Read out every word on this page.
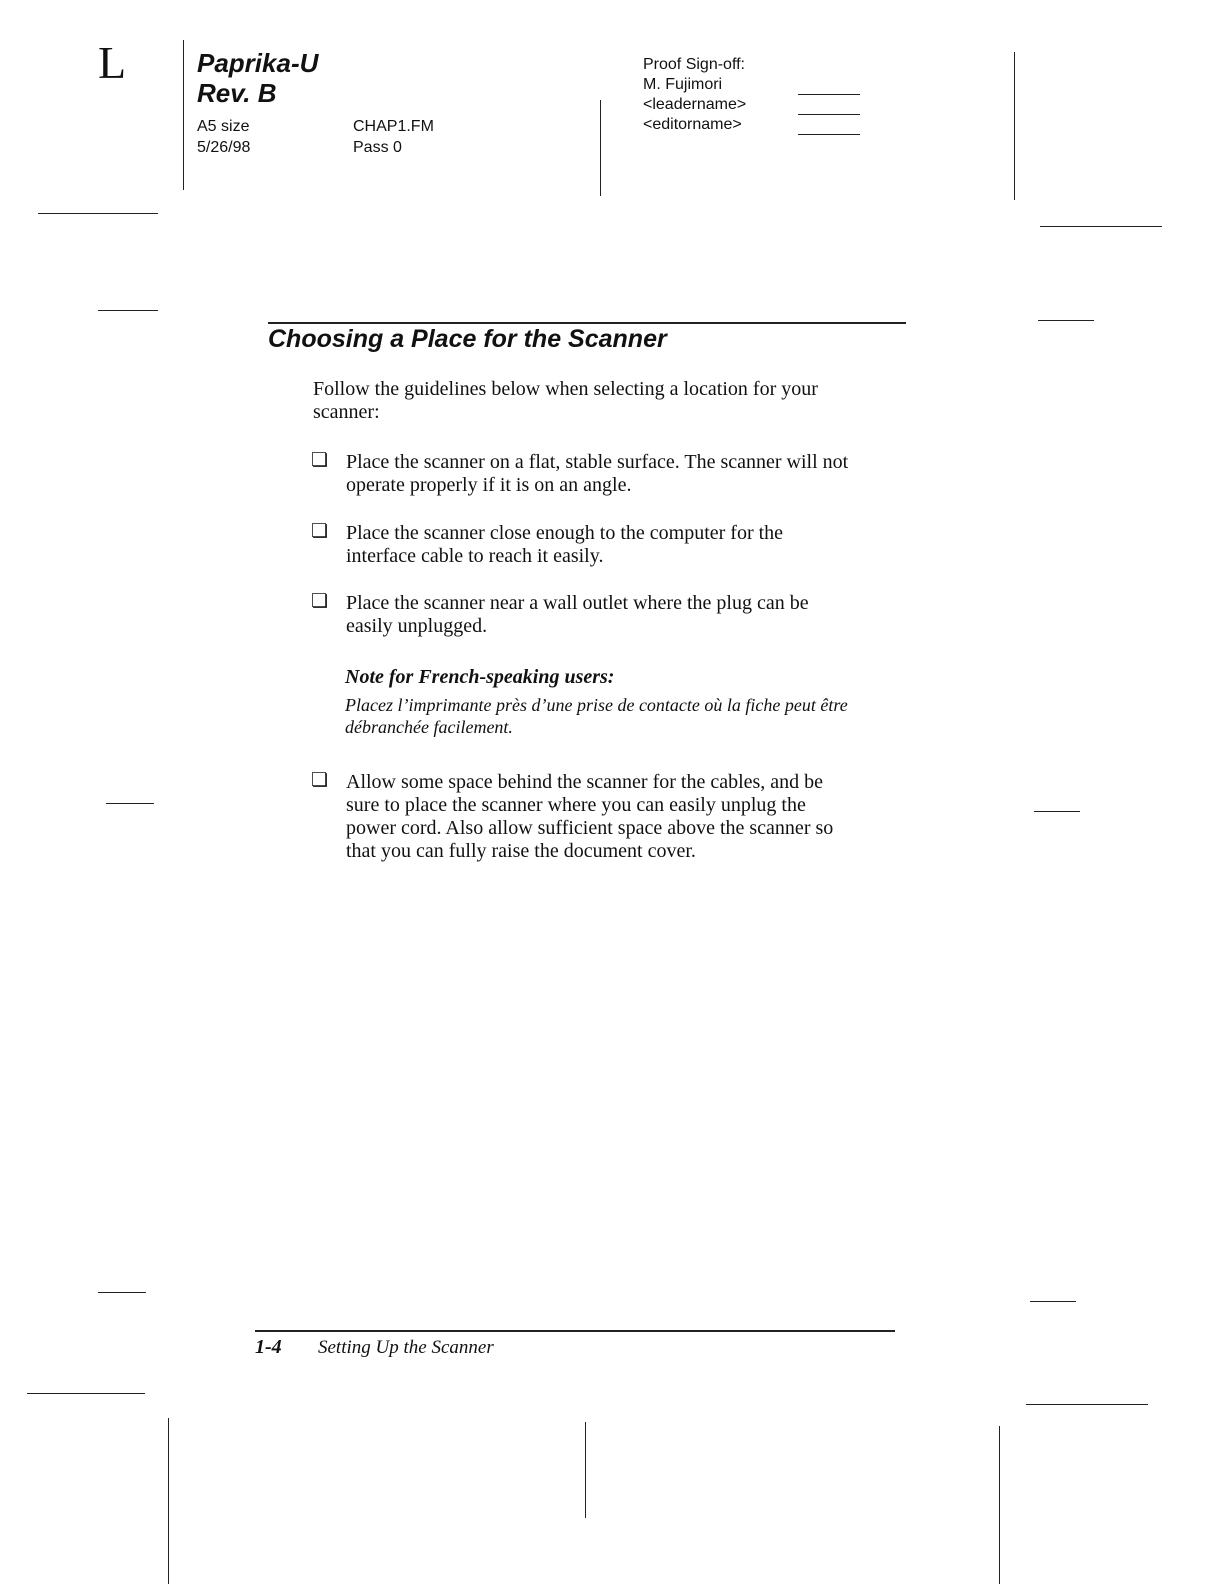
L	Paprika-U
Rev. B
A5 size
5/26/98
CHAP1.FM
Pass 0
Proof Sign-off:
M. Fujimori
<leadername>
<editorname>
Choosing a Place for the Scanner
Follow the guidelines below when selecting a location for your
scanner:
❏ Place the scanner on a flat, stable surface. The scanner will not
operate properly if it is on an angle.
❏ Place the scanner close enough to the computer for the
interface cable to reach it easily.
❏ Place the scanner near a wall outlet where the plug can be
easily unplugged.
Note for French-speaking users:
Placez l’imprimante près d’une prise de contacte où la fiche peut être
débranchée facilement.
❏ Allow some space behind the scanner for the cables, and be
sure to place the scanner where you can easily unplug the
power cord. Also allow sufficient space above the scanner so
that you can fully raise the document cover.
1-4 Setting Up the Scanner
